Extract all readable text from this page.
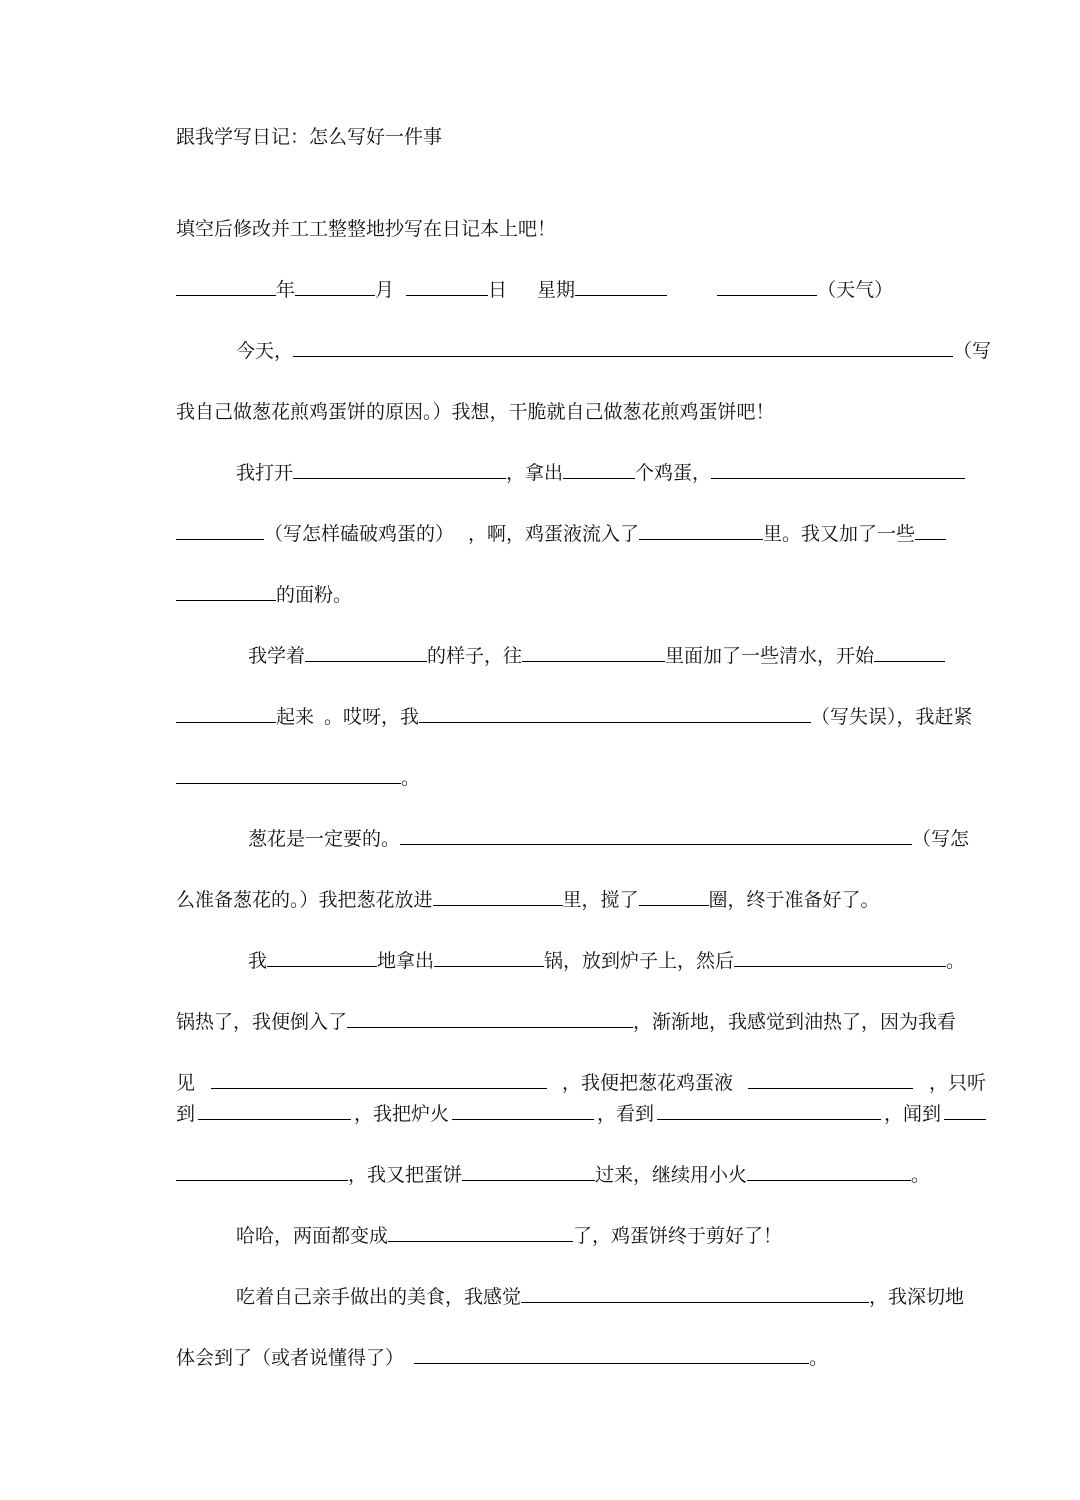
跟我学写日记：怎么写好一件事
填空后修改并工工整整地抄写在日记本上吧！
年	月	日 星期	（天气）
今天，	（写
我自己做葱花煎鸡蛋饼的原因。）我想，干脆就自己做葱花煎鸡蛋饼吧！
我打开	，拿出	个鸡蛋，
（写怎样磕破鸡蛋的） ，啊，鸡蛋液流入了	里。我又加了一些
的面粉。
我学着	的样子，往	里面加了一些清水，开始
起来 。哎呀，我	（写失误），我赶紧
。
葱花是一定要的。	（写怎
么准备葱花的。）我把葱花放进	里，搅了	圈，终于准备好了。
我	地拿出	锅，放到炉子上，然后	。
锅热了，我便倒入了	，渐渐地，我感觉到油热了，因为我看
见	，我便把葱花鸡蛋液	，只听
到	，我把炉火	，看到	，闻到
，我又把蛋饼	过来，继续用小火	。
哈哈，两面都变成	了，鸡蛋饼终于剪好了！
吃着自己亲手做出的美食，我感觉	，我深切地
体会到了（或者说懂得了）	。
